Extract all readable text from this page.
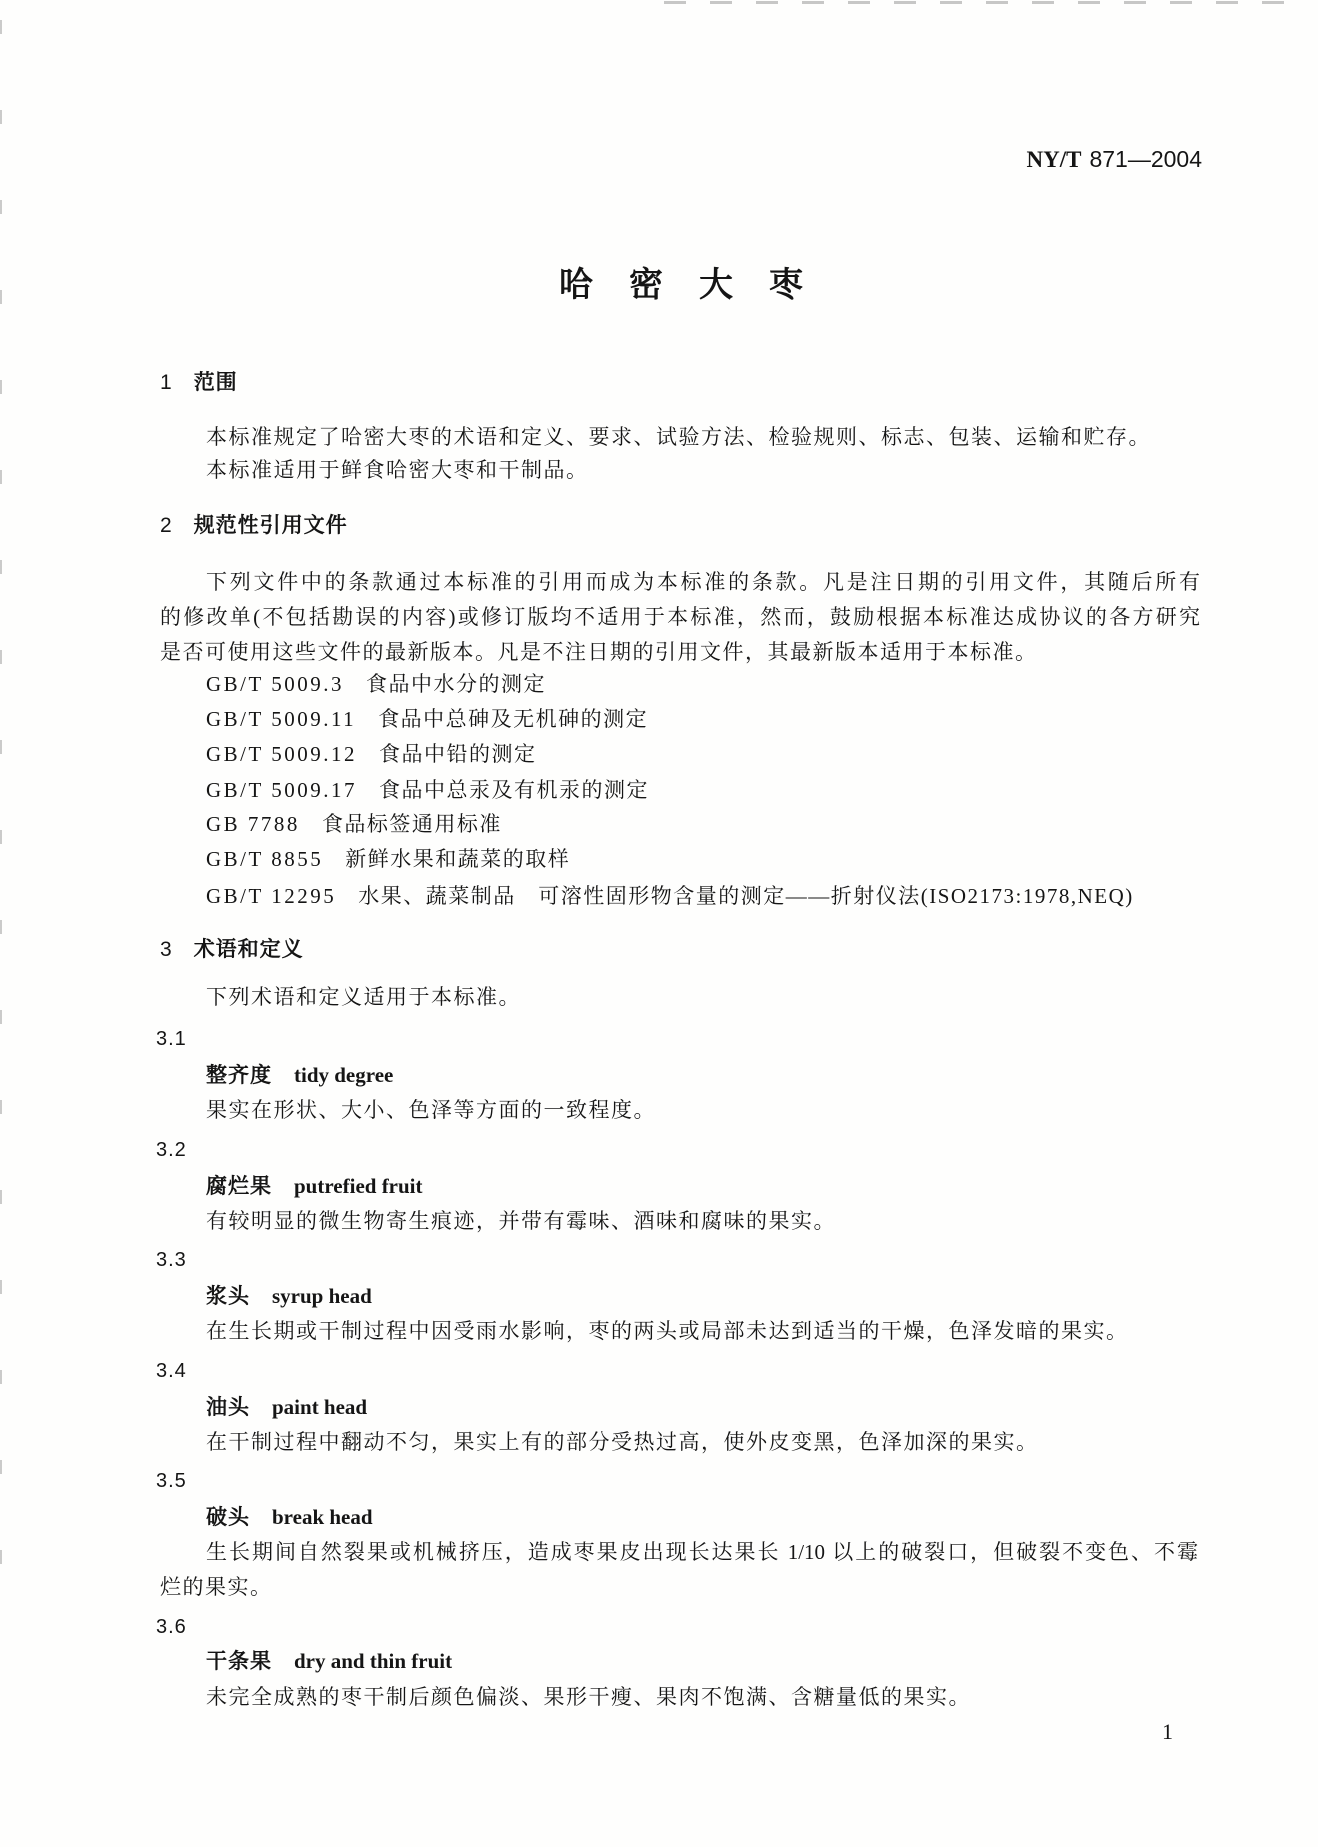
NY/T 871—2004
哈密大枣
1 范围

本标准规定了哈密大枣的术语和定义、要求、试验方法、检验规则、标志、包装、运输和贮存。

本标准适用于鲜食哈密大枣和干制品。

2 规范性引用文件

下列文件中的条款通过本标准的引用而成为本标准的条款。凡是注日期的引用文件，其随后所有

的修改单(不包括勘误的内容)或修订版均不适用于本标准，然而，鼓励根据本标准达成协议的各方研究

是否可使用这些文件的最新版本。凡是不注日期的引用文件，其最新版本适用于本标准。

GB/T 5009.3 食品中水分的测定
GB/T 5009.11 食品中总砷及无机砷的测定
GB/T 5009.12 食品中铅的测定
GB/T 5009.17 食品中总汞及有机汞的测定
GB 7788 食品标签通用标准
GB/T 8855 新鲜水果和蔬菜的取样
GB/T 12295 水果、蔬菜制品　可溶性固形物含量的测定——折射仪法(ISO2173:1978,NEQ)
3 术语和定义

下列术语和定义适用于本标准。

3.1
整齐度 tidy degree

果实在形状、大小、色泽等方面的一致程度。

3.2
腐烂果 putrefied fruit

有较明显的微生物寄生痕迹，并带有霉味、酒味和腐味的果实。

3.3
浆头 syrup head

在生长期或干制过程中因受雨水影响，枣的两头或局部未达到适当的干燥，色泽发暗的果实。

3.4
油头 paint head

在干制过程中翻动不匀，果实上有的部分受热过高，使外皮变黑，色泽加深的果实。

3.5
破头 break head

生长期间自然裂果或机械挤压，造成枣果皮出现长达果长 1/10 以上的破裂口，但破裂不变色、不霉

烂的果实。

3.6
干条果 dry and thin fruit

未完全成熟的枣干制后颜色偏淡、果形干瘦、果肉不饱满、含糖量低的果实。

1
